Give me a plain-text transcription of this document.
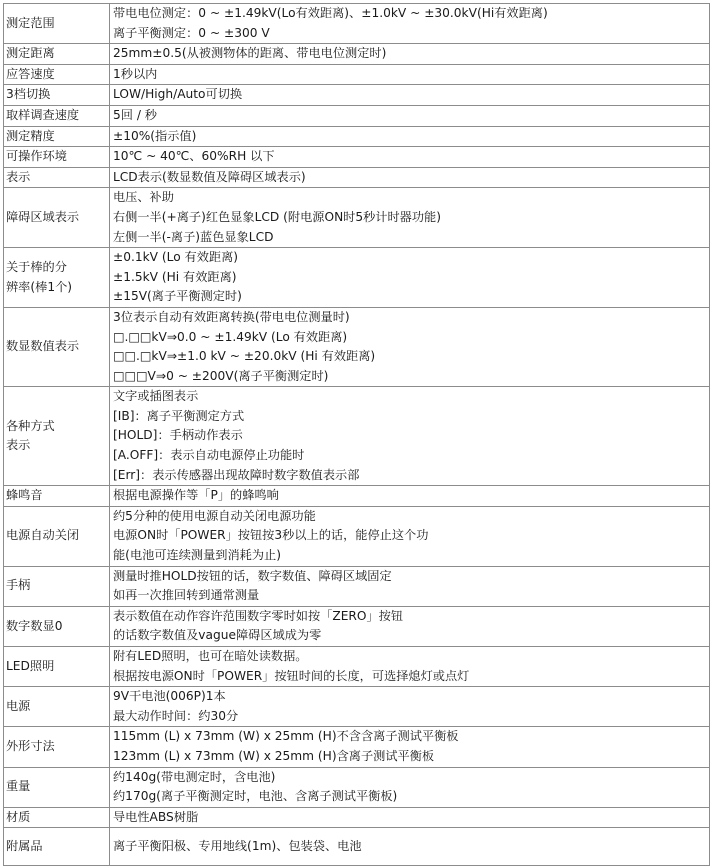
测定范围	带电电位测定：0 ~ ±1.49kV(Lo有效距离)、±1.0kV ~ ±30.0kV(Hi有效距离)
离子平衡测定：0 ~ ±300 V

测定距离	25mm±0.5(从被测物体的距离、带电电位测定时)

应答速度	1秒以内

3档切换	LOW/High/Auto可切换

取样调查速度	5回 / 秒

测定精度	±10%(指示值)

可操作环境	10℃ ~ 40℃、60%RH 以下

表示	LCD表示(数显数值及障碍区域表示)

障碍区域表示	电压、补助
右侧一半(+离子)红色显象LCD (附电源ON时5秒计时器功能)
左侧一半(-离子)蓝色显象LCD

关于棒的分
辨率(棒1个)	±0.1kV (Lo 有效距离)
±1.5kV (Hi 有效距离)
±15V(离子平衡测定时)

数显数值表示	3位表示自动有效距离转换(带电电位测量时)
□.□□kV⇒0.0 ~ ±1.49kV (Lo 有效距离)
□□.□kV⇒±1.0 kV ~ ±20.0kV (Hi 有效距离)
□□□V⇒0 ~ ±200V(离子平衡测定时)

各种方式
表示	文字或插图表示
[IB]：离子平衡测定方式
[HOLD]：手柄动作表示
[A.OFF]：表示自动电源停止功能时
[Err]：表示传感器出现故障时数字数值表示部

蜂鸣音	根据电源操作等「P」的蜂鸣响

电源自动关闭	约5分种的使用电源自动关闭电源功能
电源ON时「POWER」按钮按3秒以上的话，能停止这个功
能(电池可连续测量到消耗为止)

手柄	测量时推HOLD按钮的话，数字数值、障碍区域固定
如再一次推回转到通常测量

数字数显0	表示数值在动作容许范围数字零时如按「ZERO」按钮
的话数字数值及vague障碍区域成为零

LED照明	附有LED照明，也可在暗处读数据。
根据按电源ON时「POWER」按钮时间的长度，可选择熄灯或点灯

电源	9V干电池(006P)1本
最大动作时间：约30分

外形寸法	115mm (L) x 73mm (W) x 25mm (H)不含含离子测试平衡板
123mm (L) x 73mm (W) x 25mm (H)含离子测试平衡板

重量	约140g(带电测定时，含电池)
约170g(离子平衡测定时，电池、含离子测试平衡板)

材质	导电性ABS树脂

附属品	离子平衡阳极、专用地线(1m)、包装袋、电池
